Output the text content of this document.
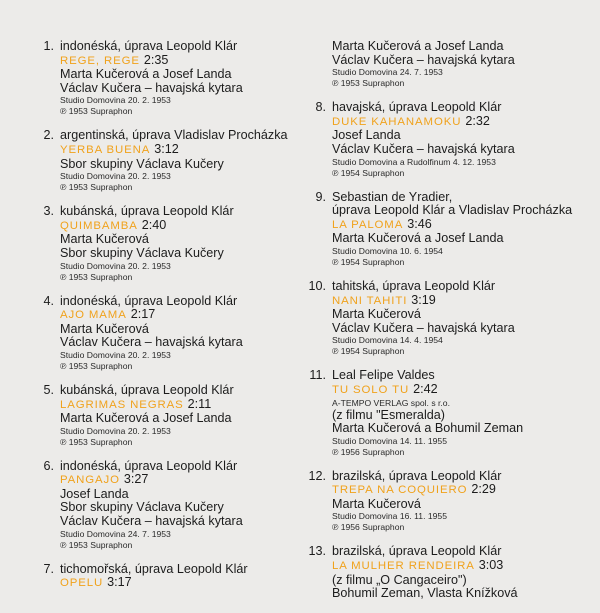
1. indonéská, úprava Leopold Klár
REGE, REGE 2:35
Marta Kučerová a Josef Landa
Václav Kučera – havajská kytara
Studio Domovina 20. 2. 1953
℗ 1953 Supraphon
2. argentinská, úprava Vladislav Procházka
YERBA BUENA 3:12
Sbor skupiny Václava Kučery
Studio Domovina 20. 2. 1953
℗ 1953 Supraphon
3. kubánská, úprava Leopold Klár
QUIMBAMBA 2:40
Marta Kučerová
Sbor skupiny Václava Kučery
Studio Domovina 20. 2. 1953
℗ 1953 Supraphon
4. indonéská, úprava Leopold Klár
AJO MAMA 2:17
Marta Kučerová
Václav Kučera – havajská kytara
Studio Domovina 20. 2. 1953
℗ 1953 Supraphon
5. kubánská, úprava Leopold Klár
LAGRIMAS NEGRAS 2:11
Marta Kučerová a Josef Landa
Studio Domovina 20. 2. 1953
℗ 1953 Supraphon
6. indonéská, úprava Leopold Klár
PANGAJO 3:27
Josef Landa
Sbor skupiny Václava Kučery
Václav Kučera – havajská kytara
Studio Domovina 24. 7. 1953
℗ 1953 Supraphon
7. tichomořská, úprava Leopold Klár
OPELU 3:17
Marta Kučerová a Josef Landa
Václav Kučera – havajská kytara
Studio Domovina 24. 7. 1953
℗ 1953 Supraphon
8. havajská, úprava Leopold Klár
DUKE KAHANAMOKU 2:32
Josef Landa
Václav Kučera – havajská kytara
Studio Domovina a Rudolfinum 4. 12. 1953
℗ 1954 Supraphon
9. Sebastian de Yradier,
úprava Leopold Klár a Vladislav Procházka
LA PALOMA 3:46
Marta Kučerová a Josef Landa
Studio Domovina 10. 6. 1954
℗ 1954 Supraphon
10. tahitská, úprava Leopold Klár
NANI TAHITI 3:19
Marta Kučerová
Václav Kučera – havajská kytara
Studio Domovina 14. 4. 1954
℗ 1954 Supraphon
11. Leal Felipe Valdes
TU SOLO TU 2:42
A-TEMPO VERLAG spol. s r.o.
(z filmu "Esmeralda)
Marta Kučerová a Bohumil Zeman
Studio Domovina 14. 11. 1955
℗ 1956 Supraphon
12. brazilská, úprava Leopold Klár
TREPA NA COQUIERO 2:29
Marta Kučerová
Studio Domovina 16. 11. 1955
℗ 1956 Supraphon
13. brazilská, úprava Leopold Klár
LA MULHER RENDEIRA 3:03
(z filmu „O Cangaceiro")
Bohumil Zeman, Vlasta Knížková
